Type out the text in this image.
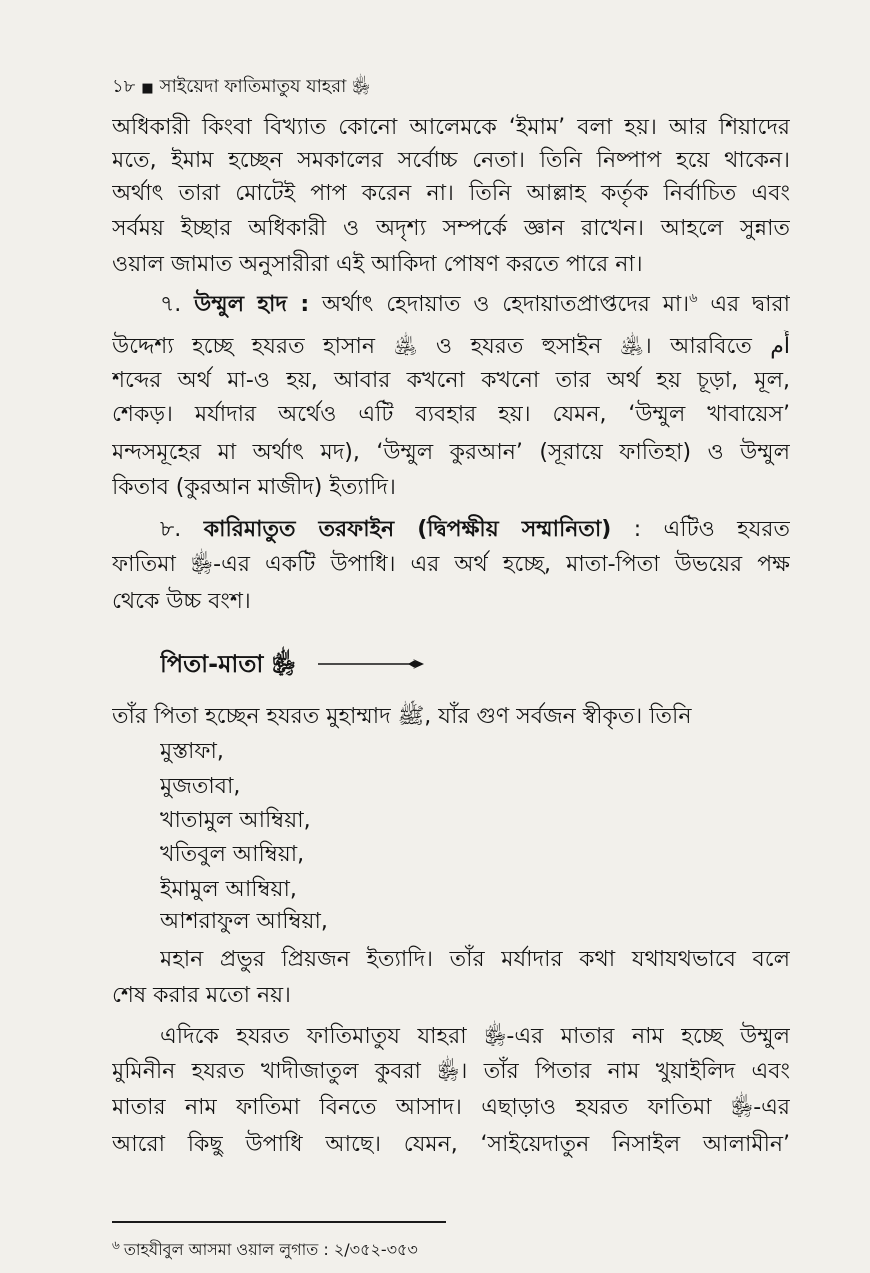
১৮ ■ সাইয়েদা ফাতিমাতুয যাহরা ﵂
অধিকারী কিংবা বিখ্যাত কোনো আলেমকে ‘ইমাম’ বলা হয়। আর শিয়াদের
মতে, ইমাম হচ্ছেন সমকালের সর্বোচ্চ নেতা। তিনি নিষ্পাপ হয়ে থাকেন।
অর্থাৎ তারা মোটেই পাপ করেন না। তিনি আল্লাহ কর্তৃক নির্বাচিত এবং
সর্বময় ইচ্ছার অধিকারী ও অদৃশ্য সম্পর্কে জ্ঞান রাখেন। আহলে সুন্নাত
ওয়াল জামাত অনুসারীরা এই আকিদা পোষণ করতে পারে না।
৭. উম্মুল হাদ : অর্থাৎ হেদায়াত ও হেদায়াতপ্রাপ্তদের মা।$^৬$ এর দ্বারা
উদ্দেশ্য হচ্ছে হযরত হাসান ﵁ ও হযরত হুসাইন ﵁। আরবিতে أُم
শব্দের অর্থ মা-ও হয়, আবার কখনো কখনো তার অর্থ হয় চূড়া, মূল,
শেকড়। মর্যাদার অর্থেও এটি ব্যবহার হয়। যেমন, ‘উম্মুল খাবায়েস’
মন্দসমূহের মা অর্থাৎ মদ), ‘উম্মুল কুরআন’ (সূরায়ে ফাতিহা) ও উম্মুল
কিতাব (কুরআন মাজীদ) ইত্যাদি।
৮. কারিমাতুত তরফাইন (দ্বিপক্ষীয় সম্মানিতা) : এটিও হযরত
ফাতিমা ﵂-এর একটি উপাধি। এর অর্থ হচ্ছে, মাতা-পিতা উভয়ের পক্ষ
থেকে উচ্চ বংশ।
পিতা-মাতা ﵂
তাঁর পিতা হচ্ছেন হযরত মুহাম্মাদ ﷺ, যাঁর গুণ সর্বজন স্বীকৃত। তিনি
মুস্তাফা,
মুজতাবা,
খাতামুল আম্বিয়া,
খতিবুল আম্বিয়া,
ইমামুল আম্বিয়া,
আশরাফুল আম্বিয়া,
মহান প্রভুর প্রিয়জন ইত্যাদি। তাঁর মর্যাদার কথা যথাযথভাবে বলে
শেষ করার মতো নয়।
এদিকে হযরত ফাতিমাতুয যাহরা ﵂-এর মাতার নাম হচ্ছে উম্মুল
মুমিনীন হযরত খাদীজাতুল কুবরা ﵂। তাঁর পিতার নাম খুয়াইলিদ এবং
মাতার নাম ফাতিমা বিনতে আসাদ। এছাড়াও হযরত ফাতিমা ﵂-এর
আরো কিছু উপাধি আছে। যেমন, ‘সাইয়েদাতুন নিসাইল আলামীন’
$^৬$ তাহযীবুল আসমা ওয়াল লুগাত : ২/৩৫২-৩৫৩
